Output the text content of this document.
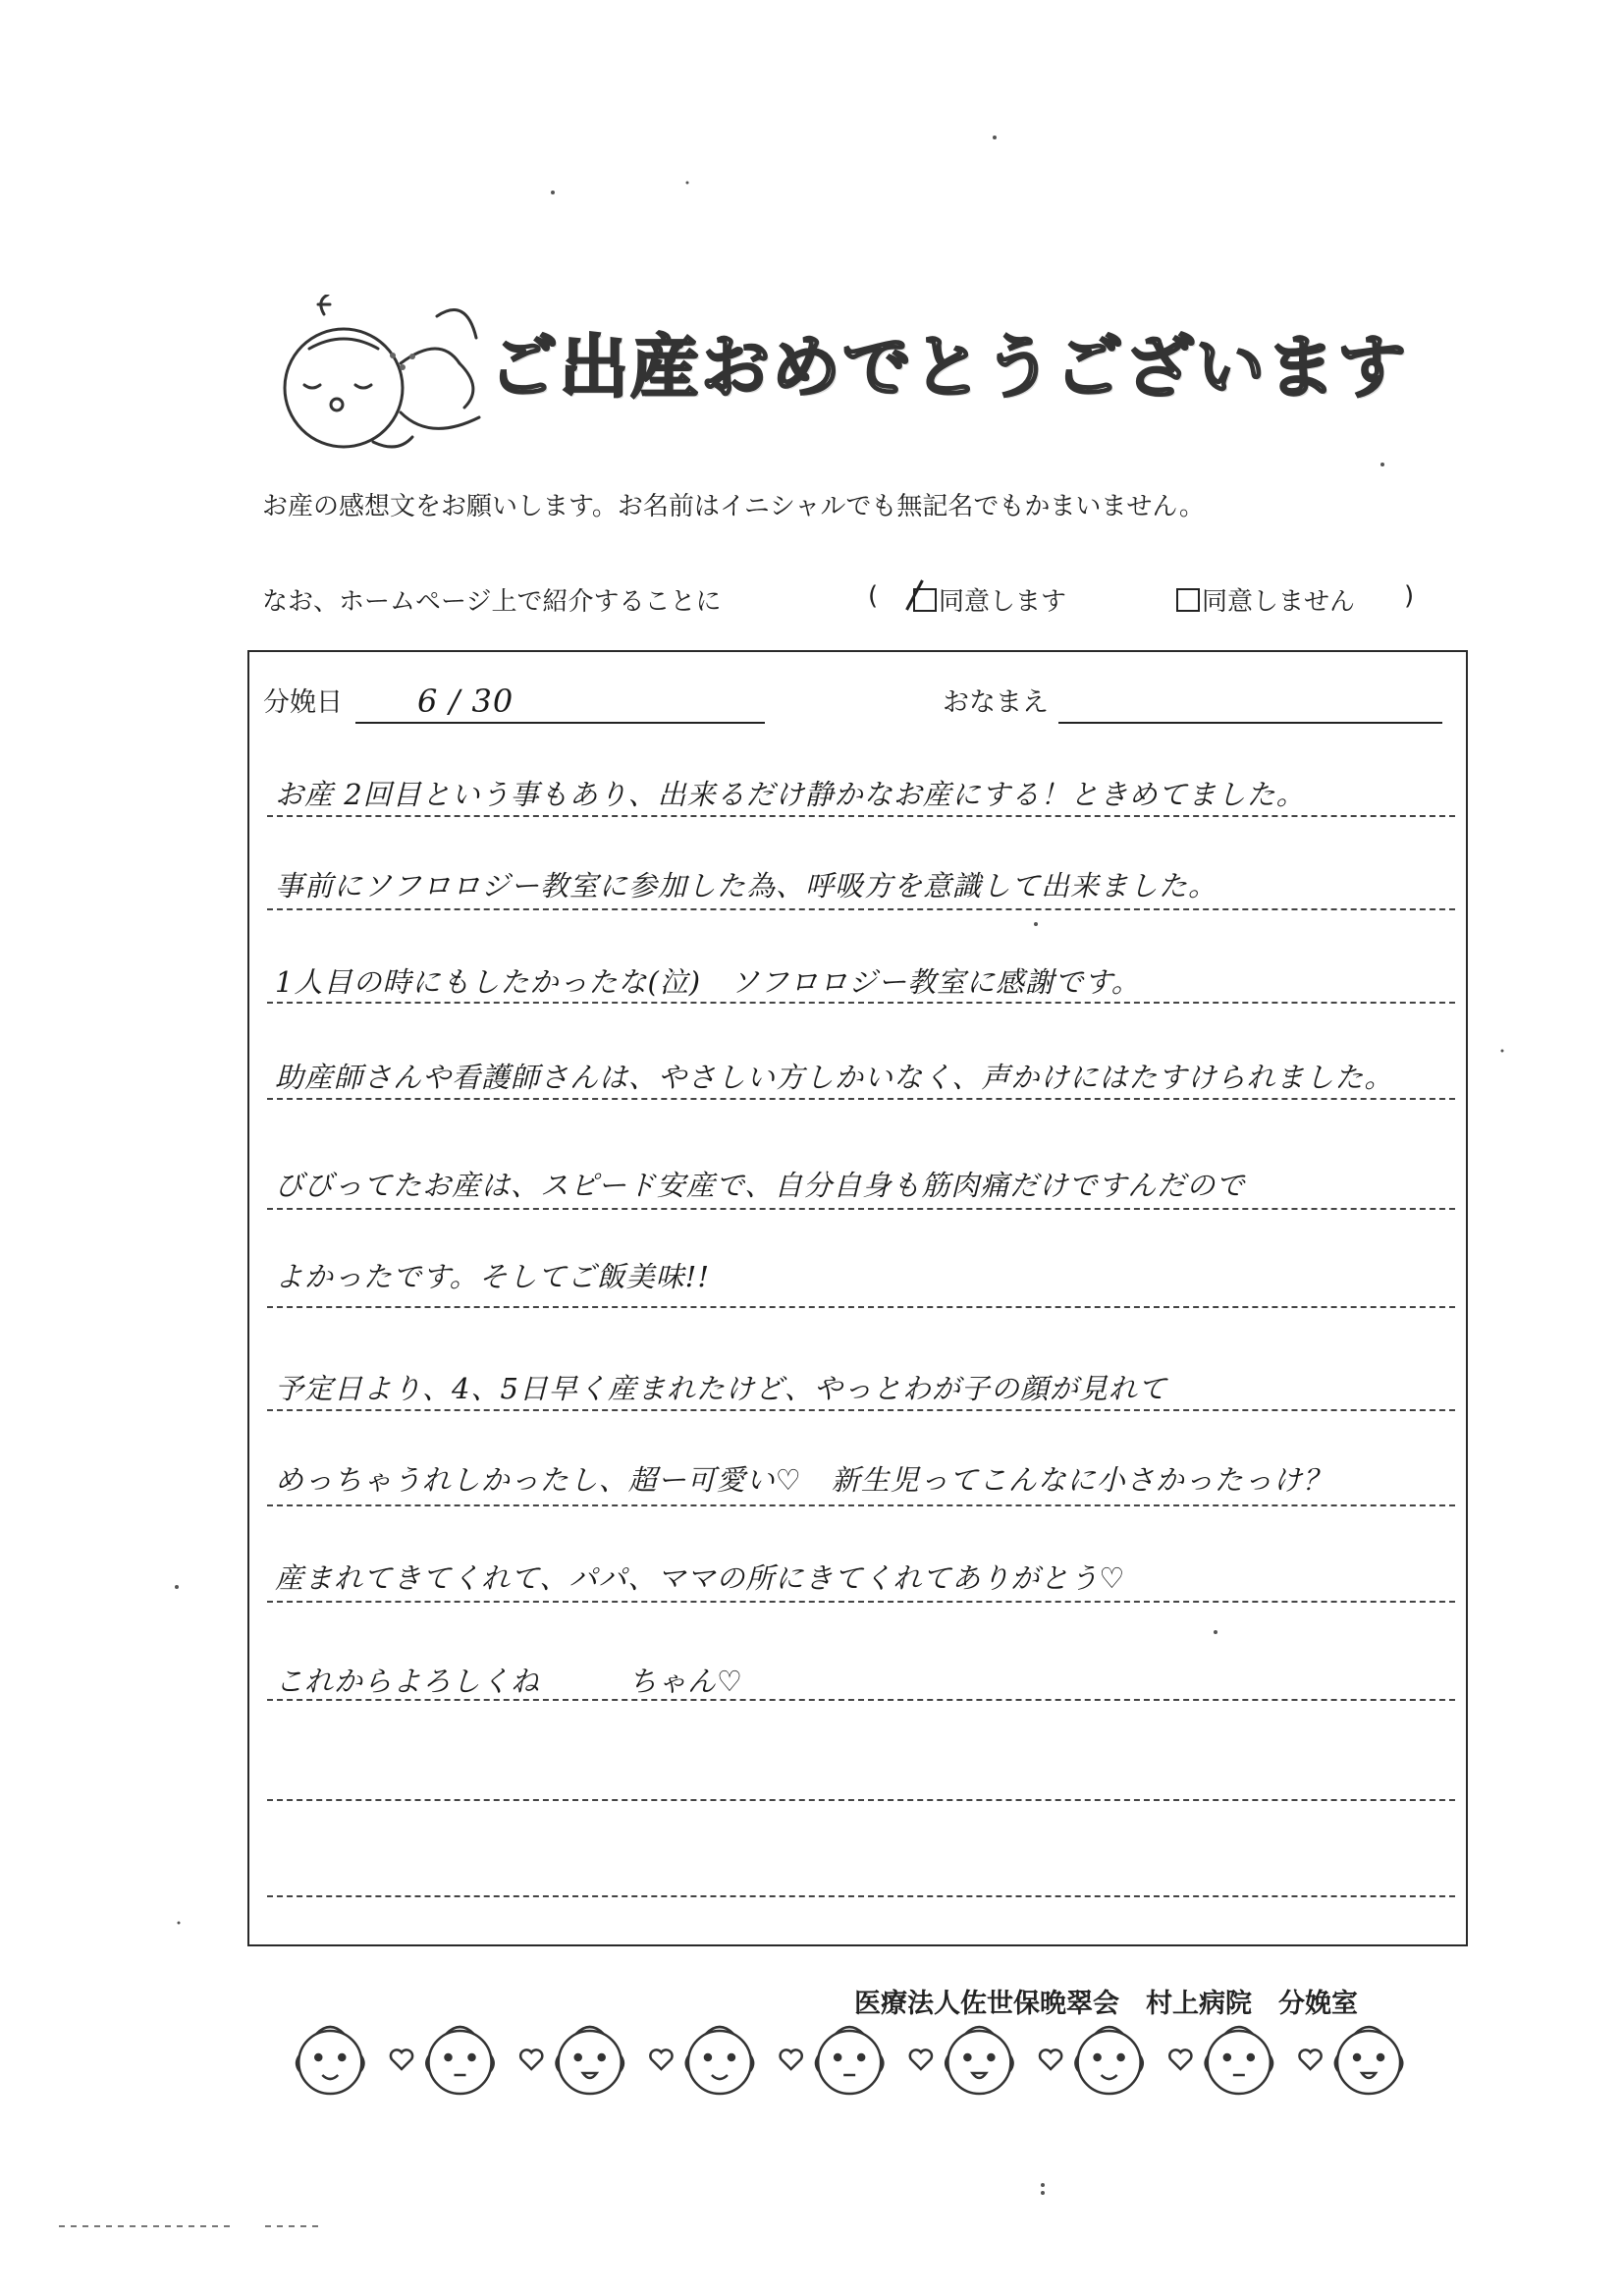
ご出産おめでとうございます
お産の感想文をお願いします。お名前はイニシャルでも無記名でもかまいません。
なお、ホームページ上で紹介することに	(	同意します	同意しません )
分娩日 6 / 30	おなまえ
お産 2回目という事もあり、出来るだけ静かなお産にする！ときめてました。
事前にソフロロジー教室に参加した為、呼吸方を意識して出来ました。
1人目の時にもしたかったな(泣)　ソフロロジー教室に感謝です。
助産師さんや看護師さんは、やさしい方しかいなく、声かけにはたすけられました。
びびってたお産は、スピード安産で、自分自身も筋肉痛だけですんだので
よかったです。そしてご飯美味!!
予定日より、4、5日早く産まれたけど、やっとわが子の顔が見れて
めっちゃうれしかったし、超ー可愛い♡　新生児ってこんなに小さかったっけ？
産まれてきてくれて、パパ、ママの所にきてくれてありがとう♡
これからよろしくね　　　ちゃん♡
医療法人佐世保晩翠会　村上病院　分娩室
